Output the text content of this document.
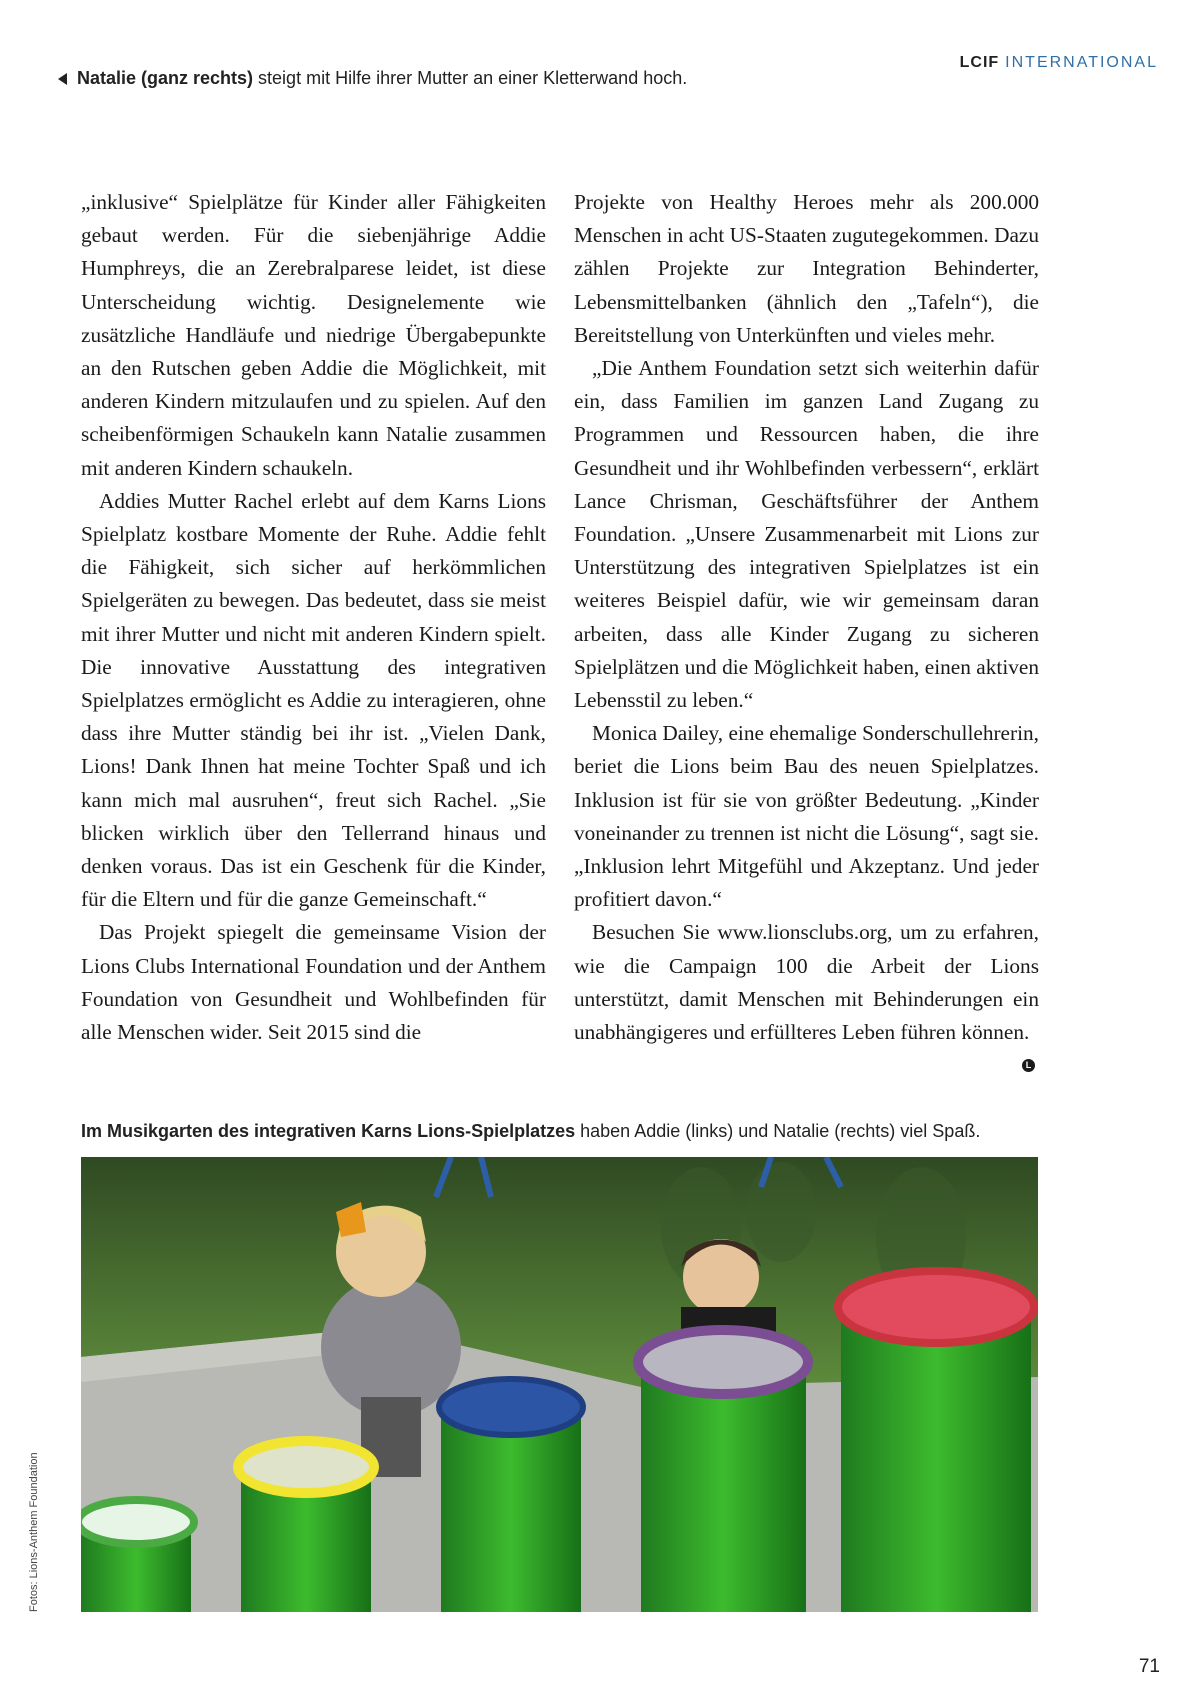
Natalie (ganz rechts) steigt mit Hilfe ihrer Mutter an einer Kletterwand hoch.
LCIF INTERNATIONAL

„inklusive“ Spielplätze für Kinder aller Fähigkeiten gebaut werden. Für die siebenjährige Addie Humphreys, die an Zerebralparese leidet, ist diese Unterscheidung wichtig. Designelemente wie zusätzliche Handläufe und niedrige Übergabepunkte an den Rutschen geben Addie die Möglichkeit, mit anderen Kindern mitzulaufen und zu spielen. Auf den scheibenförmigen Schaukeln kann Natalie zusammen mit anderen Kindern schaukeln.

Addies Mutter Rachel erlebt auf dem Karns Lions Spielplatz kostbare Momente der Ruhe. Addie fehlt die Fähigkeit, sich sicher auf herkömmlichen Spielgeräten zu bewegen. Das bedeutet, dass sie meist mit ihrer Mutter und nicht mit anderen Kindern spielt. Die innovative Ausstattung des integrativen Spielplatzes ermöglicht es Addie zu interagieren, ohne dass ihre Mutter ständig bei ihr ist. „Vielen Dank, Lions! Dank Ihnen hat meine Tochter Spaß und ich kann mich mal ausruhen“, freut sich Rachel. „Sie blicken wirklich über den Tellerrand hinaus und denken voraus. Das ist ein Geschenk für die Kinder, für die Eltern und für die ganze Gemeinschaft.“

Das Projekt spiegelt die gemeinsame Vision der Lions Clubs International Foundation und der Anthem Foundation von Gesundheit und Wohlbefinden für alle Menschen wider. Seit 2015 sind die

Projekte von Healthy Heroes mehr als 200.000 Menschen in acht US-Staaten zugutegekommen. Dazu zählen Projekte zur Integration Behinderter, Lebensmittelbanken (ähnlich den „Tafeln“), die Bereitstellung von Unterkünften und vieles mehr.

„Die Anthem Foundation setzt sich weiterhin dafür ein, dass Familien im ganzen Land Zugang zu Programmen und Ressourcen haben, die ihre Gesundheit und ihr Wohlbefinden verbessern“, erklärt Lance Chrisman, Geschäftsführer der Anthem Foundation. „Unsere Zusammenarbeit mit Lions zur Unterstützung des integrativen Spielplatzes ist ein weiteres Beispiel dafür, wie wir gemeinsam daran arbeiten, dass alle Kinder Zugang zu sicheren Spielplätzen und die Möglichkeit haben, einen aktiven Lebensstil zu leben.“

Monica Dailey, eine ehemalige Sonderschullehrerin, beriet die Lions beim Bau des neuen Spielplatzes. Inklusion ist für sie von größter Bedeutung. „Kinder voneinander zu trennen ist nicht die Lösung“, sagt sie. „Inklusion lehrt Mitgefühl und Akzeptanz. Und jeder profitiert davon.“

Besuchen Sie www.lionsclubs.org, um zu erfahren, wie die Campaign 100 die Arbeit der Lions unterstützt, damit Menschen mit Behinderungen ein unabhängigeres und erfüllteres Leben führen können.

L
Im Musikgarten des integrativen Karns Lions-Spielplatzes haben Addie (links) und Natalie (rechts) viel Spaß.
Fotos: Lions-Anthem Foundation
71
